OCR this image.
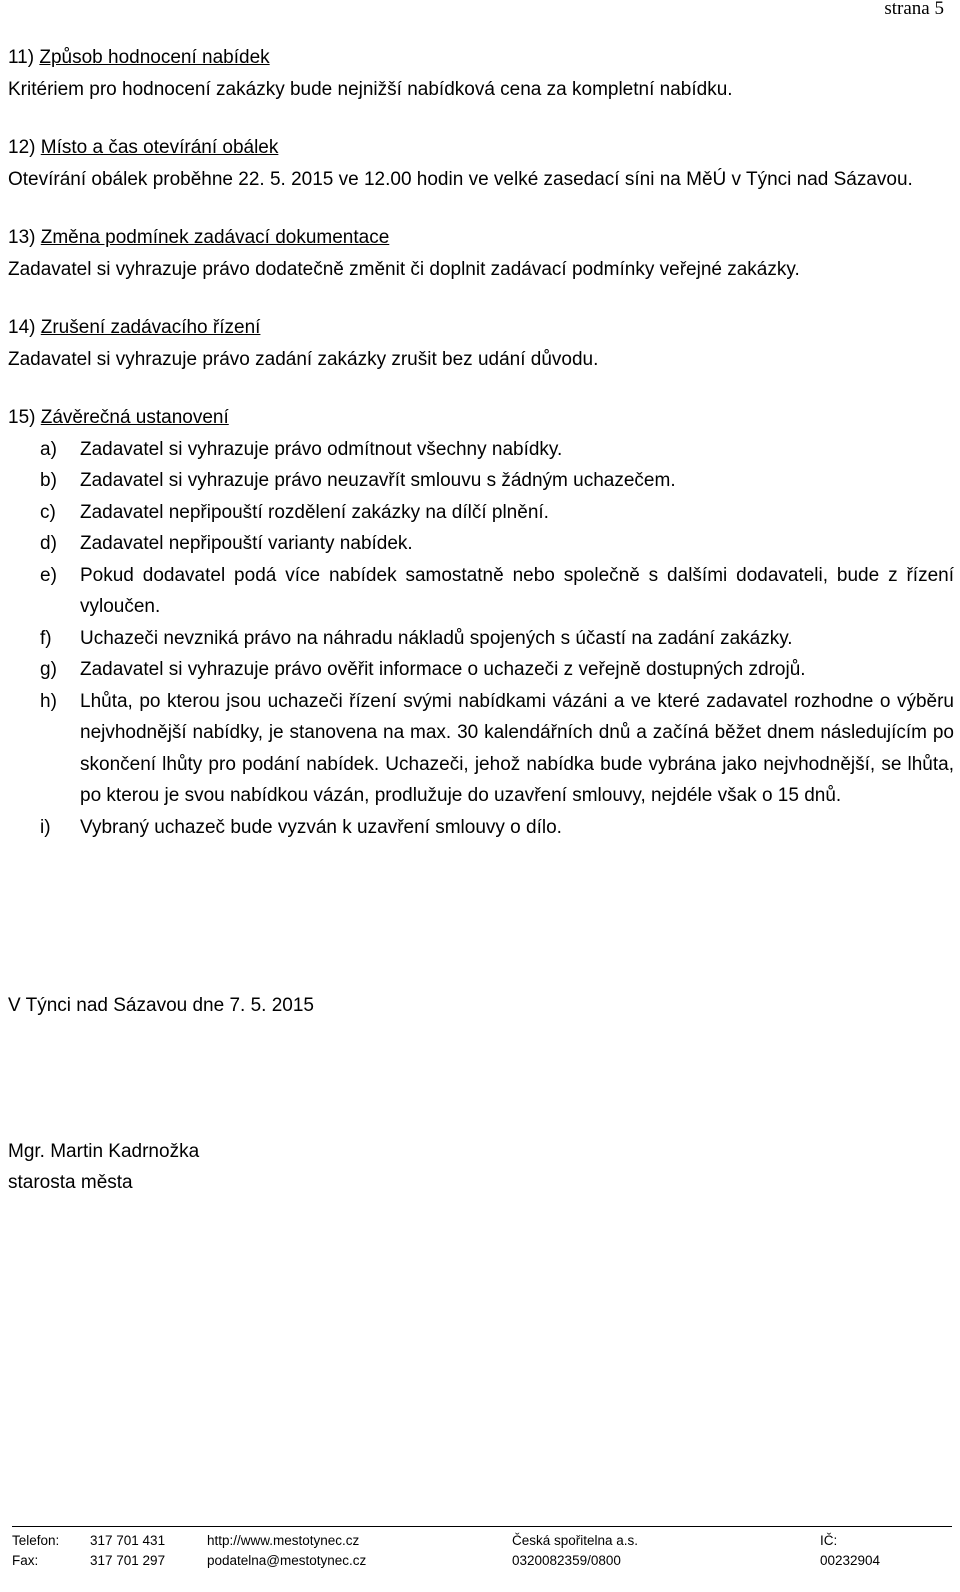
strana 5
11) Způsob hodnocení nabídek
Kritériem pro hodnocení zakázky bude nejnižší nabídková cena za kompletní nabídku.
12) Místo a čas otevírání obálek
Otevírání obálek proběhne 22. 5. 2015 ve 12.00 hodin ve velké zasedací síni na MěÚ v Týnci nad Sázavou.
13) Změna podmínek zadávací dokumentace
Zadavatel si vyhrazuje právo dodatečně změnit či doplnit zadávací podmínky veřejné zakázky.
14) Zrušení zadávacího řízení
Zadavatel si vyhrazuje právo zadání zakázky zrušit bez udání důvodu.
15) Závěrečná ustanovení
a)	Zadavatel si vyhrazuje právo odmítnout všechny nabídky.
b)	Zadavatel si vyhrazuje právo neuzavřít smlouvu s žádným uchazečem.
c)	Zadavatel nepřipouští rozdělení zakázky na dílčí plnění.
d)	Zadavatel nepřipouští varianty nabídek.
e)	Pokud dodavatel podá více nabídek samostatně nebo společně s dalšími dodavateli, bude z řízení vyloučen.
f)	Uchazeči nevzniká právo na náhradu nákladů spojených s účastí na zadání zakázky.
g)	Zadavatel si vyhrazuje právo ověřit informace o uchazeči z veřejně dostupných zdrojů.
h)	Lhůta, po kterou jsou uchazeči řízení svými nabídkami vázáni a ve které zadavatel rozhodne o výběru nejvhodnější nabídky, je stanovena na max. 30 kalendářních dnů a začíná běžet dnem následujícím po skončení lhůty pro podání nabídek. Uchazeči, jehož nabídka bude vybrána jako nejvhodnější, se lhůta, po kterou je svou nabídkou vázán, prodlužuje do uzavření smlouvy, nejdéle však o 15 dnů.
i)	Vybraný uchazeč bude vyzván k uzavření smlouvy o dílo.
V Týnci nad Sázavou dne 7. 5. 2015
Mgr. Martin Kadrnožka
starosta města
Telefon: 317 701 431	http://www.mestotynec.cz	Česká spořitelna a.s.	IČ:
Fax:	317 701 297	podatelna@mestotynec.cz	0320082359/0800	00232904
